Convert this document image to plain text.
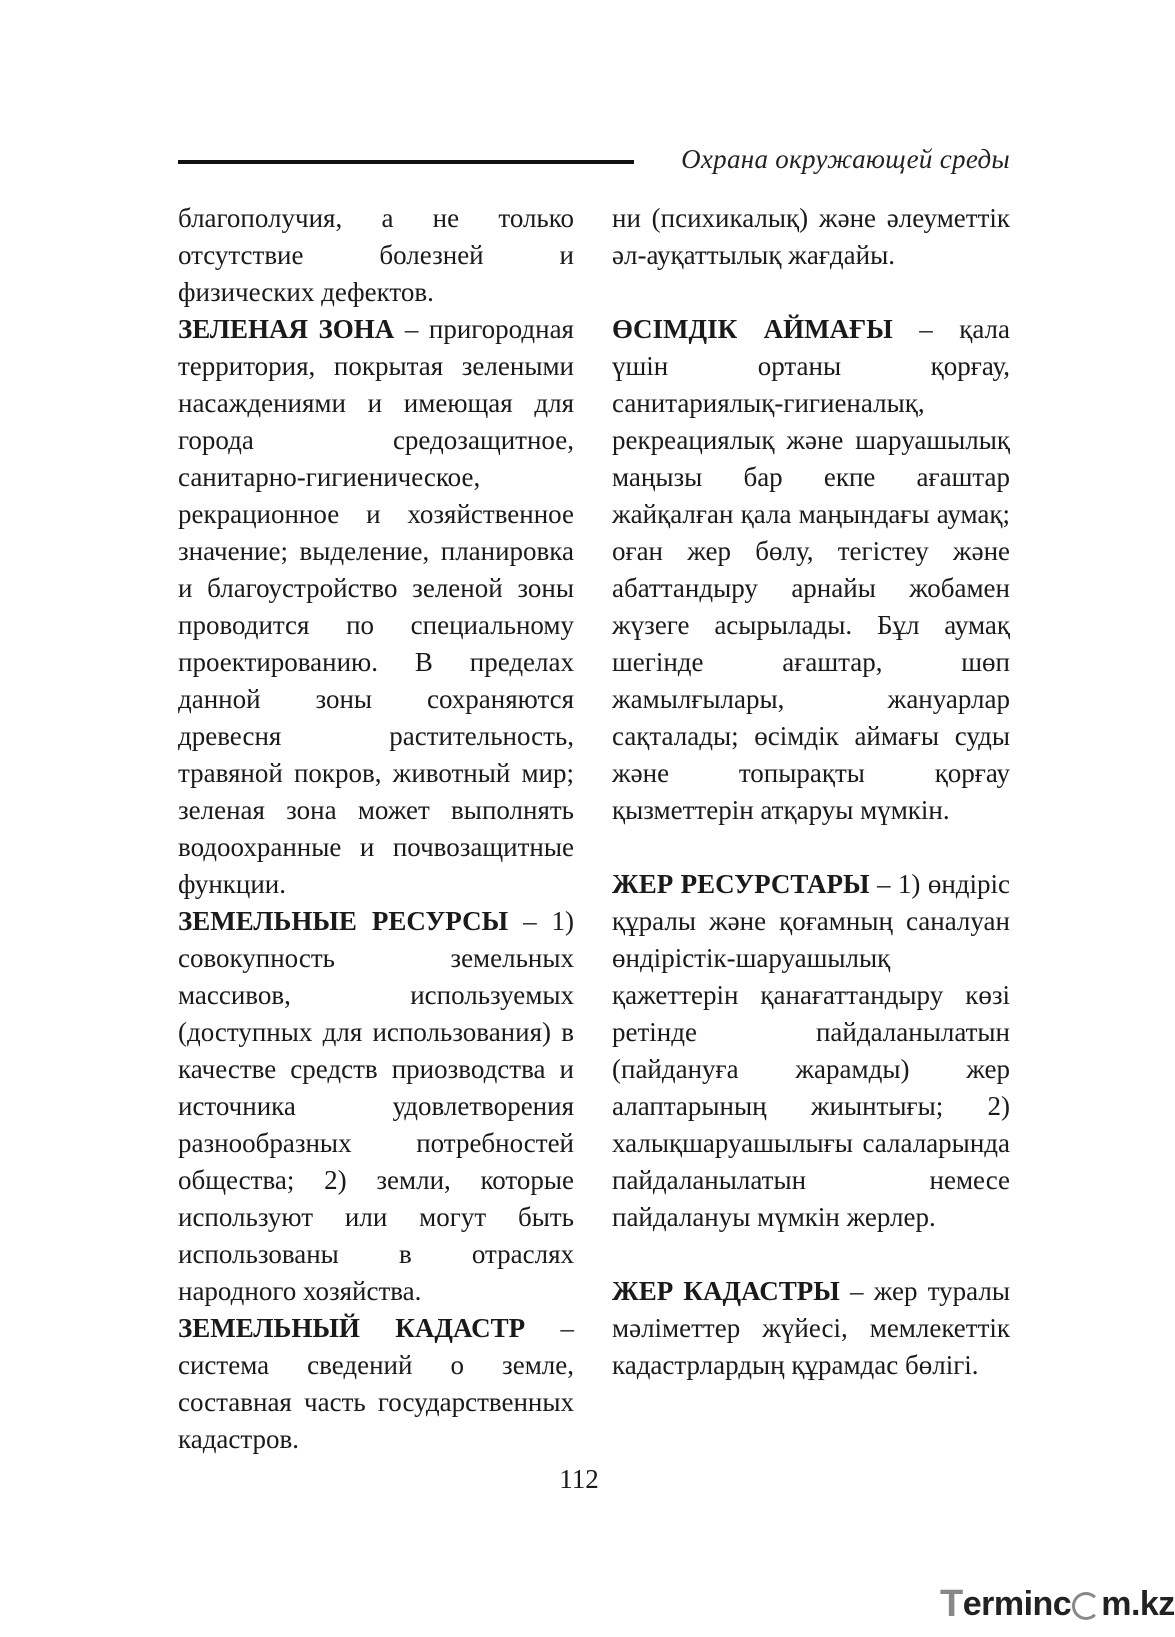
Охрана окружающей среды

благополучия, а не только отсутствие болезней и физических дефектов.

ЗЕЛЕНАЯ ЗОНА – пригородная территория, покрытая зелеными насаждениями и имеющая для города средозащитное, санитарно-гигиеническое, рекрационное и хозяйственное значение; выделение, планировка и благоустройство зеленой зоны проводится по специальному проектированию. В пределах данной зоны сохраняются древесня растительность, травяной покров, животный мир; зеленая зона может выполнять водоохранные и почвозащитные функции.

ЗЕМЕЛЬНЫЕ РЕСУРСЫ – 1) совокупность земельных массивов, используемых (доступных для использования) в качестве средств приозводства и источника удовлетворения разнообразных потребностей общества; 2) земли, которые используют или могут быть использованы в отраслях народного хозяйства.

ЗЕМЕЛЬНЫЙ КАДАСТР – система сведений о земле, составная часть государственных кадастров.

ни (психикалық) және әлеуметтік әл-ауқаттылық жағдайы.

ӨСІМДІК АЙМАҒЫ – қала үшін ортаны қорғау, санитариялық-гигиеналық, рекреациялық және шаруашылық маңызы бар екпе ағаштар жайқалған қала маңындағы аумақ; оған жер бөлу, тегістеу және абаттандыру арнайы жобамен жүзеге асырылады. Бұл аумақ шегінде ағаштар, шөп жамылғылары, жануарлар сақталады; өсімдік аймағы суды және топырақты қорғау қызметтерін атқаруы мүмкін.

ЖЕР РЕСУРСТАРЫ – 1) өндіріс құралы және қоғамның саналуан өндірістік-шаруашылық қажеттерін қанағаттандыру көзі ретінде пайдаланылатын (пайдануға жарамды) жер алаптарының жиынтығы; 2) халықшаруашылығы салаларында пайдаланылатын немесе пайдалануы мүмкін жерлер.

ЖЕР КАДАСТРЫ – жер туралы мәліметтер жүйесі, мемлекеттік кадастрлардың құрамдас бөлігі.

112
T erminc m.kz
